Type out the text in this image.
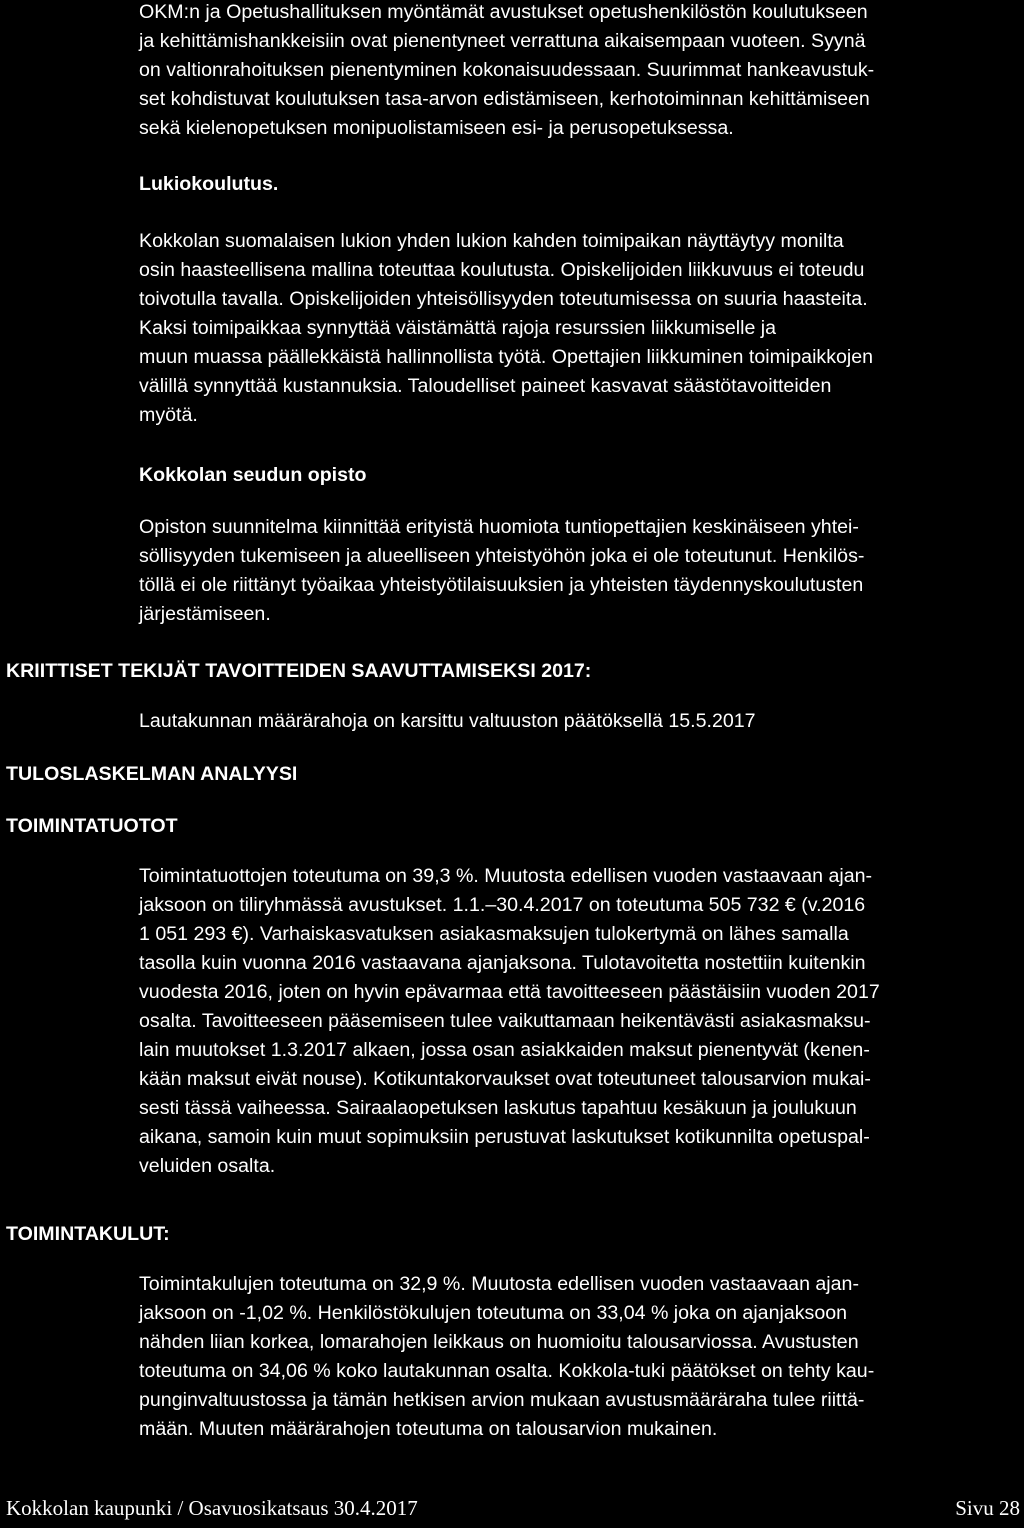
OKM:n ja Opetushallituksen myöntämät avustukset opetushenkilöstön koulutukseen
ja kehittämishankkeisiin ovat pienentyneet verrattuna aikaisempaan vuoteen. Syynä
on valtionrahoituksen pienentyminen kokonaisuudessaan. Suurimmat hankeavustuk-
set kohdistuvat koulutuksen tasa-arvon edistämiseen, kerhotoiminnan kehittämiseen
sekä kielenopetuksen monipuolistamiseen esi- ja perusopetuksessa.

Lukiokoulutus.

Kokkolan suomalaisen lukion yhden lukion kahden toimipaikan näyttäytyy monilta
osin haasteellisena mallina toteuttaa koulutusta. Opiskelijoiden liikkuvuus ei toteudu
toivotulla tavalla. Opiskelijoiden yhteisöllisyyden toteutumisessa on suuria haasteita.
Kaksi toimipaikkaa synnyttää väistämättä rajoja resurssien liikkumiselle ja
muun muassa päällekkäistä hallinnollista työtä. Opettajien liikkuminen toimipaikkojen
välillä synnyttää kustannuksia. Taloudelliset paineet kasvavat säästötavoitteiden
myötä.

Kokkolan seudun opisto

Opiston suunnitelma kiinnittää erityistä huomiota tuntiopettajien keskinäiseen yhtei-
söllisyyden tukemiseen ja alueelliseen yhteistyöhön joka ei ole toteutunut. Henkilös-
töllä ei ole riittänyt työaikaa yhteistyötilaisuuksien ja yhteisten täydennyskoulutusten
järjestämiseen.

KRIITTISET TEKIJÄT TAVOITTEIDEN SAAVUTTAMISEKSI 2017:

Lautakunnan määrärahoja on karsittu valtuuston päätöksellä 15.5.2017

TULOSLASKELMAN ANALYYSI
TOIMINTATUOTOT

Toimintatuottojen toteutuma on 39,3 %. Muutosta edellisen vuoden vastaavaan ajan-
jaksoon on tiliryhmässä avustukset. 1.1.–30.4.2017 on toteutuma 505 732 € (v.2016
1 051 293 €). Varhaiskasvatuksen asiakasmaksujen tulokertymä on lähes samalla
tasolla kuin vuonna 2016 vastaavana ajanjaksona. Tulotavoitetta nostettiin kuitenkin
vuodesta 2016, joten on hyvin epävarmaa että tavoitteeseen päästäisiin vuoden 2017
osalta. Tavoitteeseen pääsemiseen tulee vaikuttamaan heikentävästi asiakasmaksu-
lain muutokset 1.3.2017 alkaen, jossa osan asiakkaiden maksut pienentyvät (kenen-
kään maksut eivät nouse). Kotikuntakorvaukset ovat toteutuneet talousarvion mukai-
sesti tässä vaiheessa. Sairaalaopetuksen laskutus tapahtuu kesäkuun ja joulukuun
aikana, samoin kuin muut sopimuksiin perustuvat laskutukset kotikunnilta opetuspal-
veluiden osalta.

TOIMINTAKULUT:

Toimintakulujen toteutuma on 32,9 %. Muutosta edellisen vuoden vastaavaan ajan-
jaksoon on -1,02 %. Henkilöstökulujen toteutuma on 33,04 % joka on ajanjaksoon
nähden liian korkea, lomarahojen leikkaus on huomioitu talousarviossa. Avustusten
toteutuma on 34,06 % koko lautakunnan osalta. Kokkola-tuki päätökset on tehty kau-
punginvaltuustossa ja tämän hetkisen arvion mukaan avustusmääräraha tulee riittä-
mään. Muuten määrärahojen toteutuma on talousarvion mukainen.

Kokkolan kaupunki / Osavuosikatsaus 30.4.2017	Sivu 28
